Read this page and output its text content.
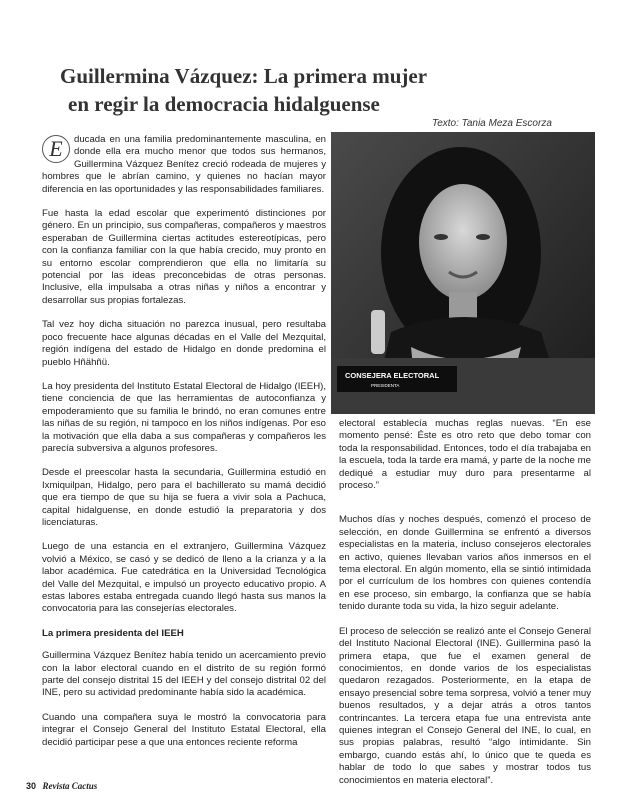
Guillermina Vázquez: La primera mujer
en regir la democracia hidalguense
Texto: Tania Meza Escorza

E	ducada en una familia predominantemente masculina, en donde ella era mucho menor que todos sus hermanos, Guillermina Vázquez Benítez creció rodeada de mujeres y hombres que le abrían camino, y quienes no hacían mayor diferencia en las oportunidades y las responsabilidades familiares.

Fue hasta la edad escolar que experimentó distinciones por género. En un principio, sus compañeras, compañeros y maestros esperaban de Guillermina ciertas actitudes estereotípicas, pero con la confianza familiar con la que había crecido, muy pronto en su entorno escolar comprendieron que ella no limitaría su potencial por las ideas preconcebidas de otras personas. Inclusive, ella impulsaba a otras niñas y niños a encontrar y desarrollar sus propias fortalezas.

Tal vez hoy dicha situación no parezca inusual, pero resultaba poco frecuente hace algunas décadas en el Valle del Mezquital, región indígena del estado de Hidalgo en donde predomina el pueblo Hñähñü.

La hoy presidenta del Instituto Estatal Electoral de Hidalgo (IEEH), tiene conciencia de que las herramientas de autoconfianza y empoderamiento que su familia le brindó, no eran comunes entre las niñas de su región, ni tampoco en los niños indígenas. Por eso la motivación que ella daba a sus compañeras y compañeros les parecía subversiva a algunos profesores.

Desde el preescolar hasta la secundaria, Guillermina estudió en Ixmiquilpan, Hidalgo, pero para el bachillerato su mamá decidió que era tiempo de que su hija se fuera a vivir sola a Pachuca, capital hidalguense, en donde estudió la preparatoria y dos licenciaturas.

Luego de una estancia en el extranjero, Guillermina Vázquez volvió a México, se casó y se dedicó de lleno a la crianza y a la labor académica. Fue catedrática en la Universidad Tecnológica del Valle del Mezquital, e impulsó un proyecto educativo propio. A estas labores estaba entregada cuando llegó hasta sus manos la convocatoria para las consejerías electorales.

La primera presidenta del IEEH

Guillermina Vázquez Benítez había tenido un acercamiento previo con la labor electoral cuando en el distrito de su región formó parte del consejo distrital 15 del IEEH y del consejo distrital 02 del INE, pero su actividad predominante había sido la académica.

Cuando una compañera suya le mostró la convocatoria para integrar el Consejo General del Instituto Estatal Electoral, ella decidió participar pese a que una entonces reciente reforma

CONSEJERA ELECTORAL
PRESIDENTA

electoral establecía muchas reglas nuevas. “En ese momento pensé: Éste es otro reto que debo tomar con toda la responsabilidad. Entonces, todo el día trabajaba en la escuela, toda la tarde era mamá, y parte de la noche me dediqué a estudiar muy duro para presentarme al proceso.”

Muchos días y noches después, comenzó el proceso de selección, en donde Guillermina se enfrentó a diversos especialistas en la materia, incluso consejeros electorales en activo, quienes llevaban varios años inmersos en el tema electoral. En algún momento, ella se sintió intimidada por el currículum de los hombres con quienes contendía en ese proceso, sin embargo, la confianza que se había tenido durante toda su vida, la hizo seguir adelante.

El proceso de selección se realizó ante el Consejo General del Instituto Nacional Electoral (INE). Guillermina pasó la primera etapa, que fue el examen general de conocimientos, en donde varios de los especialistas quedaron rezagados. Posteriormente, en la etapa de ensayo presencial sobre tema sorpresa, volvió a tener muy buenos resultados, y a dejar atrás a otros tantos contrincantes. La tercera etapa fue una entrevista ante quienes integran el Consejo General del INE, lo cual, en sus propias palabras, resultó “algo intimidante. Sin embargo, cuando estás ahí, lo único que te queda es hablar de todo lo que sabes y mostrar todos tus conocimientos en materia electoral”.

30 Revista Cactus
